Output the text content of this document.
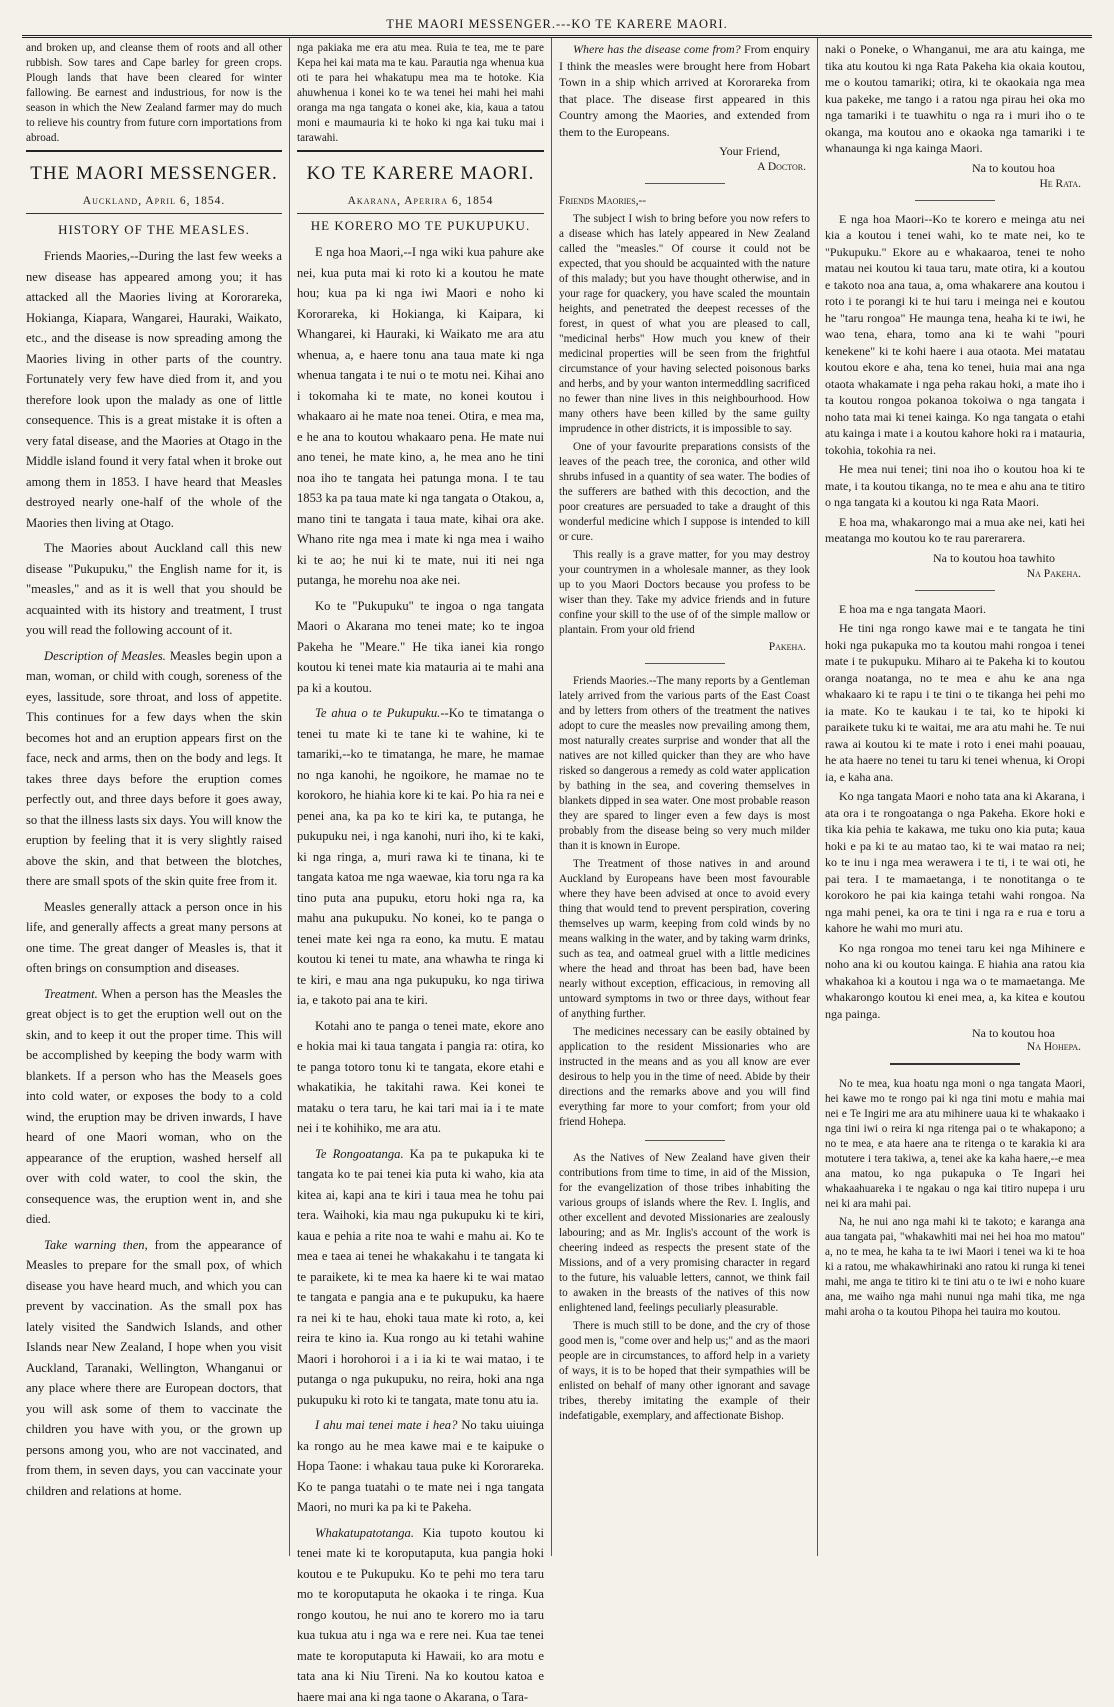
THE MAORI MESSENGER.---KO TE KARERE MAORI.

and broken up, and cleanse them of roots and all other rubbish. Sow tares and Cape barley for green crops. Plough lands that have been cleared for winter fallowing. Be earnest and industrious, for now is the season in which the New Zealand farmer may do much to relieve his country from future corn importations from abroad.

THE MAORI MESSENGER.
Auckland, April 6, 1854.
HISTORY OF THE MEASLES.

Friends Maories,--During the last few weeks a new disease has appeared among you; it has attacked all the Maories living at Kororareka, Hokianga, Kiapara, Wangarei, Hauraki, Waikato, etc., and the disease is now spreading among the Maories living in other parts of the country. Fortunately very few have died from it, and you therefore look upon the malady as one of little consequence. This is a great mistake it is often a very fatal disease, and the Maories at Otago in the Middle island found it very fatal when it broke out among them in 1853. I have heard that Measles destroyed nearly one-half of the whole of the Maories then living at Otago.

The Maories about Auckland call this new disease "Pukupuku," the English name for it, is "measles," and as it is well that you should be acquainted with its history and treatment, I trust you will read the following account of it.

Description of Measles. Measles begin upon a man, woman, or child with cough, soreness of the eyes, lassitude, sore throat, and loss of appetite. This continues for a few days when the skin becomes hot and an eruption appears first on the face, neck and arms, then on the body and legs. It takes three days before the eruption comes perfectly out, and three days before it goes away, so that the illness lasts six days. You will know the eruption by feeling that it is very slightly raised above the skin, and that between the blotches, there are small spots of the skin quite free from it.

Measles generally attack a person once in his life, and generally affects a great many persons at one time. The great danger of Measles is, that it often brings on consumption and diseases.

Treatment. When a person has the Measles the great object is to get the eruption well out on the skin, and to keep it out the proper time. This will be accomplished by keeping the body warm with blankets. If a person who has the Measels goes into cold water, or exposes the body to a cold wind, the eruption may be driven inwards, I have heard of one Maori woman, who on the appearance of the eruption, washed herself all over with cold water, to cool the skin, the consequence was, the eruption went in, and she died.

Take warning then, from the appearance of Measles to prepare for the small pox, of which disease you have heard much, and which you can prevent by vaccination. As the small pox has lately visited the Sandwich Islands, and other Islands near New Zealand, I hope when you visit Auckland, Taranaki, Wellington, Whanganui or any place where there are European doctors, that you will ask some of them to vaccinate the children you have with you, or the grown up persons among you, who are not vaccinated, and from them, in seven days, you can vaccinate your children and relations at home.

nga pakiaka me era atu mea. Ruia te tea, me te pare Kepa hei kai mata ma te kau. Parautia nga whenua kua oti te para hei whakatupu mea ma te hotoke. Kia ahuwhenua i konei ko te wa tenei hei mahi hei mahi oranga ma nga tangata o konei ake, kia, kaua a tatou moni e maumauria ki te hoko ki nga kai tuku mai i tarawahi.

KO TE KARERE MAORI.
Akarana, Aperira 6, 1854
HE KORERO MO TE PUKUPUKU.

E nga hoa Maori,--I nga wiki kua pahure ake nei, kua puta mai ki roto ki a koutou he mate hou; kua pa ki nga iwi Maori e noho ki Kororareka, ki Hokianga, ki Kaipara, ki Whangarei, ki Hauraki, ki Waikato me ara atu whenua, a, e haere tonu ana taua mate ki nga whenua tangata i te nui o te motu nei. Kihai ano i tokomaha ki te mate, no konei koutou i whakaaro ai he mate noa tenei. Otira, e mea ma, e he ana to koutou whakaaro pena. He mate nui ano tenei, he mate kino, a, he mea ano he tini noa iho te tangata hei patunga mona. I te tau 1853 ka pa taua mate ki nga tangata o Otakou, a, mano tini te tangata i taua mate, kihai ora ake. Whano rite nga mea i mate ki nga mea i waiho ki te ao; he nui ki te mate, nui iti nei nga putanga, he morehu noa ake nei.

Ko te "Pukupuku" te ingoa o nga tangata Maori o Akarana mo tenei mate; ko te ingoa Pakeha he "Meare." He tika ianei kia rongo koutou ki tenei mate kia matauria ai te mahi ana pa ki a koutou.

Te ahua o te Pukupuku.--Ko te timatanga o tenei tu mate ki te tane ki te wahine, ki te tamariki,--ko te timatanga, he mare, he mamae no nga kanohi, he ngoikore, he mamae no te korokoro, he hiahia kore ki te kai. Po hia ra nei e penei ana, ka pa ko te kiri ka, te putanga, he pukupuku nei, i nga kanohi, nuri iho, ki te kaki, ki nga ringa, a, muri rawa ki te tinana, ki te tangata katoa me nga waewae, kia toru nga ra ka tino puta ana pupuku, etoru hoki nga ra, ka mahu ana pukupuku. No konei, ko te panga o tenei mate kei nga ra eono, ka mutu. E matau koutou ki tenei tu mate, ana whawha te ringa ki te kiri, e mau ana nga pukupuku, ko nga tiriwa ia, e takoto pai ana te kiri.

Kotahi ano te panga o tenei mate, ekore ano e hokia mai ki taua tangata i pangia ra: otira, ko te panga totoro tonu ki te tangata, ekore etahi e whakatikia, he takitahi rawa. Kei konei te mataku o tera taru, he kai tari mai ia i te mate nei i te kohihiko, me ara atu.

Te Rongoatanga. Ka pa te pukapuka ki te tangata ko te pai tenei kia puta ki waho, kia ata kitea ai, kapi ana te kiri i taua mea he tohu pai tera. Waihoki, kia mau nga pukupuku ki te kiri, kaua e pehia a rite noa te wahi e mahu ai. Ko te mea e taea ai tenei he whakakahu i te tangata ki te paraikete, ki te mea ka haere ki te wai matao te tangata e pangia ana e te pukupuku, ka haere ra nei ki te hau, ehoki taua mate ki roto, a, kei reira te kino ia. Kua rongo au ki tetahi wahine Maori i horohoroi i a i ia ki te wai matao, i te putanga o nga pukupuku, no reira, hoki ana nga pukupuku ki roto ki te tangata, mate tonu atu ia.

I ahu mai tenei mate i hea? No taku uiuinga ka rongo au he mea kawe mai e te kaipuke o Hopa Taone: i whakau taua puke ki Kororareka. Ko te panga tuatahi o te mate nei i nga tangata Maori, no muri ka pa ki te Pakeha.

Whakatupatotanga. Kia tupoto koutou ki tenei mate ki te koroputaputa, kua pangia hoki koutou e te Pukupuku. Ko te pehi mo tera taru mo te koroputaputa he okaoka i te ringa. Kua rongo koutou, he nui ano te korero mo ia taru kua tukua atu i nga wa e rere nei. Kua tae tenei mate te koroputaputa ki Hawaii, ko ara motu e tata ana ki Niu Tireni. Na ko koutou katoa e haere mai ana ki nga taone o Akarana, o Tara-

Where has the disease come from? From enquiry I think the measles were brought here from Hobart Town in a ship which arrived at Kororareka from that place. The disease first appeared in this Country among the Maories, and extended from them to the Europeans.

Your Friend,
A Doctor.

Friends Maories,--

The subject I wish to bring before you now refers to a disease which has lately appeared in New Zealand called the "measles." Of course it could not be expected, that you should be acquainted with the nature of this malady; but you have thought otherwise, and in your rage for quackery, you have scaled the mountain heights, and penetrated the deepest recesses of the forest, in quest of what you are pleased to call, "medicinal herbs" How much you knew of their medicinal properties will be seen from the frightful circumstance of your having selected poisonous barks and herbs, and by your wanton intermeddling sacrificed no fewer than nine lives in this neighbourhood. How many others have been killed by the same guilty imprudence in other districts, it is impossible to say.

One of your favourite preparations consists of the leaves of the peach tree, the coronica, and other wild shrubs infused in a quantity of sea water. The bodies of the sufferers are bathed with this decoction, and the poor creatures are persuaded to take a draught of this wonderful medicine which I suppose is intended to kill or cure.

This really is a grave matter, for you may destroy your countrymen in a wholesale manner, as they look up to you Maori Doctors because you profess to be wiser than they. Take my advice friends and in future confine your skill to the use of of the simple mallow or plantain. From your old friend

Pakeha.

Friends Maories.--The many reports by a Gentleman lately arrived from the various parts of the East Coast and by letters from others of the treatment the natives adopt to cure the measles now prevailing among them, most naturally creates surprise and wonder that all the natives are not killed quicker than they are who have risked so dangerous a remedy as cold water application by bathing in the sea, and covering themselves in blankets dipped in sea water. One most probable reason they are spared to linger even a few days is most probably from the disease being so very much milder than it is known in Europe.

The Treatment of those natives in and around Auckland by Europeans have been most favourable where they have been advised at once to avoid every thing that would tend to prevent perspiration, covering themselves up warm, keeping from cold winds by no means walking in the water, and by taking warm drinks, such as tea, and oatmeal gruel with a little medicines where the head and throat has been bad, have been nearly without exception, efficacious, in removing all untoward symptoms in two or three days, without fear of anything further.

The medicines necessary can be easily obtained by application to the resident Missionaries who are instructed in the means and as you all know are ever desirous to help you in the time of need. Abide by their directions and the remarks above and you will find everything far more to your comfort; from your old friend Hohepa.

As the Natives of New Zealand have given their contributions from time to time, in aid of the Mission, for the evangelization of those tribes inhabiting the various groups of islands where the Rev. I. Inglis, and other excellent and devoted Missionaries are zealously labouring; and as Mr. Inglis's account of the work is cheering indeed as respects the present state of the Missions, and of a very promising character in regard to the future, his valuable letters, cannot, we think fail to awaken in the breasts of the natives of this now enlightened land, feelings peculiarly pleasurable.

There is much still to be done, and the cry of those good men is, "come over and help us;" and as the maori people are in circumstances, to afford help in a variety of ways, it is to be hoped that their sympathies will be enlisted on behalf of many other ignorant and savage tribes, thereby imitating the example of their indefatigable, exemplary, and affectionate Bishop.

naki o Poneke, o Whanganui, me ara atu kainga, me tika atu koutou ki nga Rata Pakeha kia okaia koutou, me o koutou tamariki; otira, ki te okaokaia nga mea kua pakeke, me tango i a ratou nga pirau hei oka mo nga tamariki i te tuawhitu o nga ra i muri iho o te okanga, ma koutou ano e okaoka nga tamariki i te whanaunga ki nga kainga Maori.

Na to koutou hoa
He Rata.

E nga hoa Maori--Ko te korero e meinga atu nei kia a koutou i tenei wahi, ko te mate nei, ko te "Pukupuku." Ekore au e whakaaroa, tenei te noho matau nei koutou ki taua taru, mate otira, ki a koutou e takoto noa ana taua, a, oma whakarere ana koutou i roto i te porangi ki te hui taru i meinga nei e koutou he "taru rongoa" He maunga tena, heaha ki te iwi, he wao tena, ehara, tomo ana ki te wahi "pouri kenekene" ki te kohi haere i aua otaota. Mei matatau koutou ekore e aha, tena ko tenei, huia mai ana nga otaota whakamate i nga peha rakau hoki, a mate iho i ta koutou rongoa pokanoa tokoiwa o nga tangata i noho tata mai ki tenei kainga. Ko nga tangata o etahi atu kainga i mate i a koutou kahore hoki ra i matauria, tokohia, tokohia ra nei.

He mea nui tenei; tini noa iho o koutou hoa ki te mate, i ta koutou tikanga, no te mea e ahu ana te titiro o nga tangata ki a koutou ki nga Rata Maori.

E hoa ma, whakarongo mai a mua ake nei, kati hei meatanga mo koutou ko te rau parerarera.

Na to koutou hoa tawhito
Na Pakeha.

E hoa ma e nga tangata Maori.

He tini nga rongo kawe mai e te tangata he tini hoki nga pukapuka mo ta koutou mahi rongoa i tenei mate i te pukupuku. Miharo ai te Pakeha ki to koutou oranga noatanga, no te mea e ahu ke ana nga whakaaro ki te rapu i te tini o te tikanga hei pehi mo ia mate. Ko te kaukau i te tai, ko te hipoki ki paraikete tuku ki te waitai, me ara atu mahi he. Te nui rawa ai koutou ki te mate i roto i enei mahi poauau, he ata haere no tenei tu taru ki tenei whenua, ki Oropi ia, e kaha ana.

Ko nga tangata Maori e noho tata ana ki Akarana, i ata ora i te rongoatanga o nga Pakeha. Ekore hoki e tika kia pehia te kakawa, me tuku ono kia puta; kaua hoki e pa ki te au matao tao, ki te wai matao ra nei; ko te inu i nga mea werawera i te ti, i te wai oti, he pai tera. I te mamaetanga, i te nonotitanga o te korokoro he pai kia kainga tetahi wahi rongoa. Na nga mahi penei, ka ora te tini i nga ra e rua e toru a kahore he wahi mo muri atu.

Ko nga rongoa mo tenei taru kei nga Mihinere e noho ana ki ou koutou kainga. E hiahia ana ratou kia whakahoa ki a koutou i nga wa o te mamaetanga. Me whakarongo koutou ki enei mea, a, ka kitea e koutou nga painga.

Na to koutou hoa
Na Hohepa.

No te mea, kua hoatu nga moni o nga tangata Maori, hei kawe mo te rongo pai ki nga tini motu e mahia mai nei e Te Ingiri me ara atu mihinere uaua ki te whakaako i nga tini iwi o reira ki nga ritenga pai o te whakapono; a no te mea, e ata haere ana te ritenga o te karakia ki ara motutere i tera takiwa, a, tenei ake ka kaha haere,--e mea ana matou, ko nga pukapuka o Te Ingari hei whakaahuareka i te ngakau o nga kai titiro nupepa i uru nei ki ara mahi pai.

Na, he nui ano nga mahi ki te takoto; e karanga ana aua tangata pai, "whakawhiti mai nei hei hoa mo matou" a, no te mea, he kaha ta te iwi Maori i tenei wa ki te hoa ki a ratou, me whakawhirinaki ano ratou ki runga ki tenei mahi, me anga te titiro ki te tini atu o te iwi e noho kuare ana, me waiho nga mahi nunui nga mahi tika, me nga mahi aroha o ta koutou Pihopa hei tauira mo koutou.
